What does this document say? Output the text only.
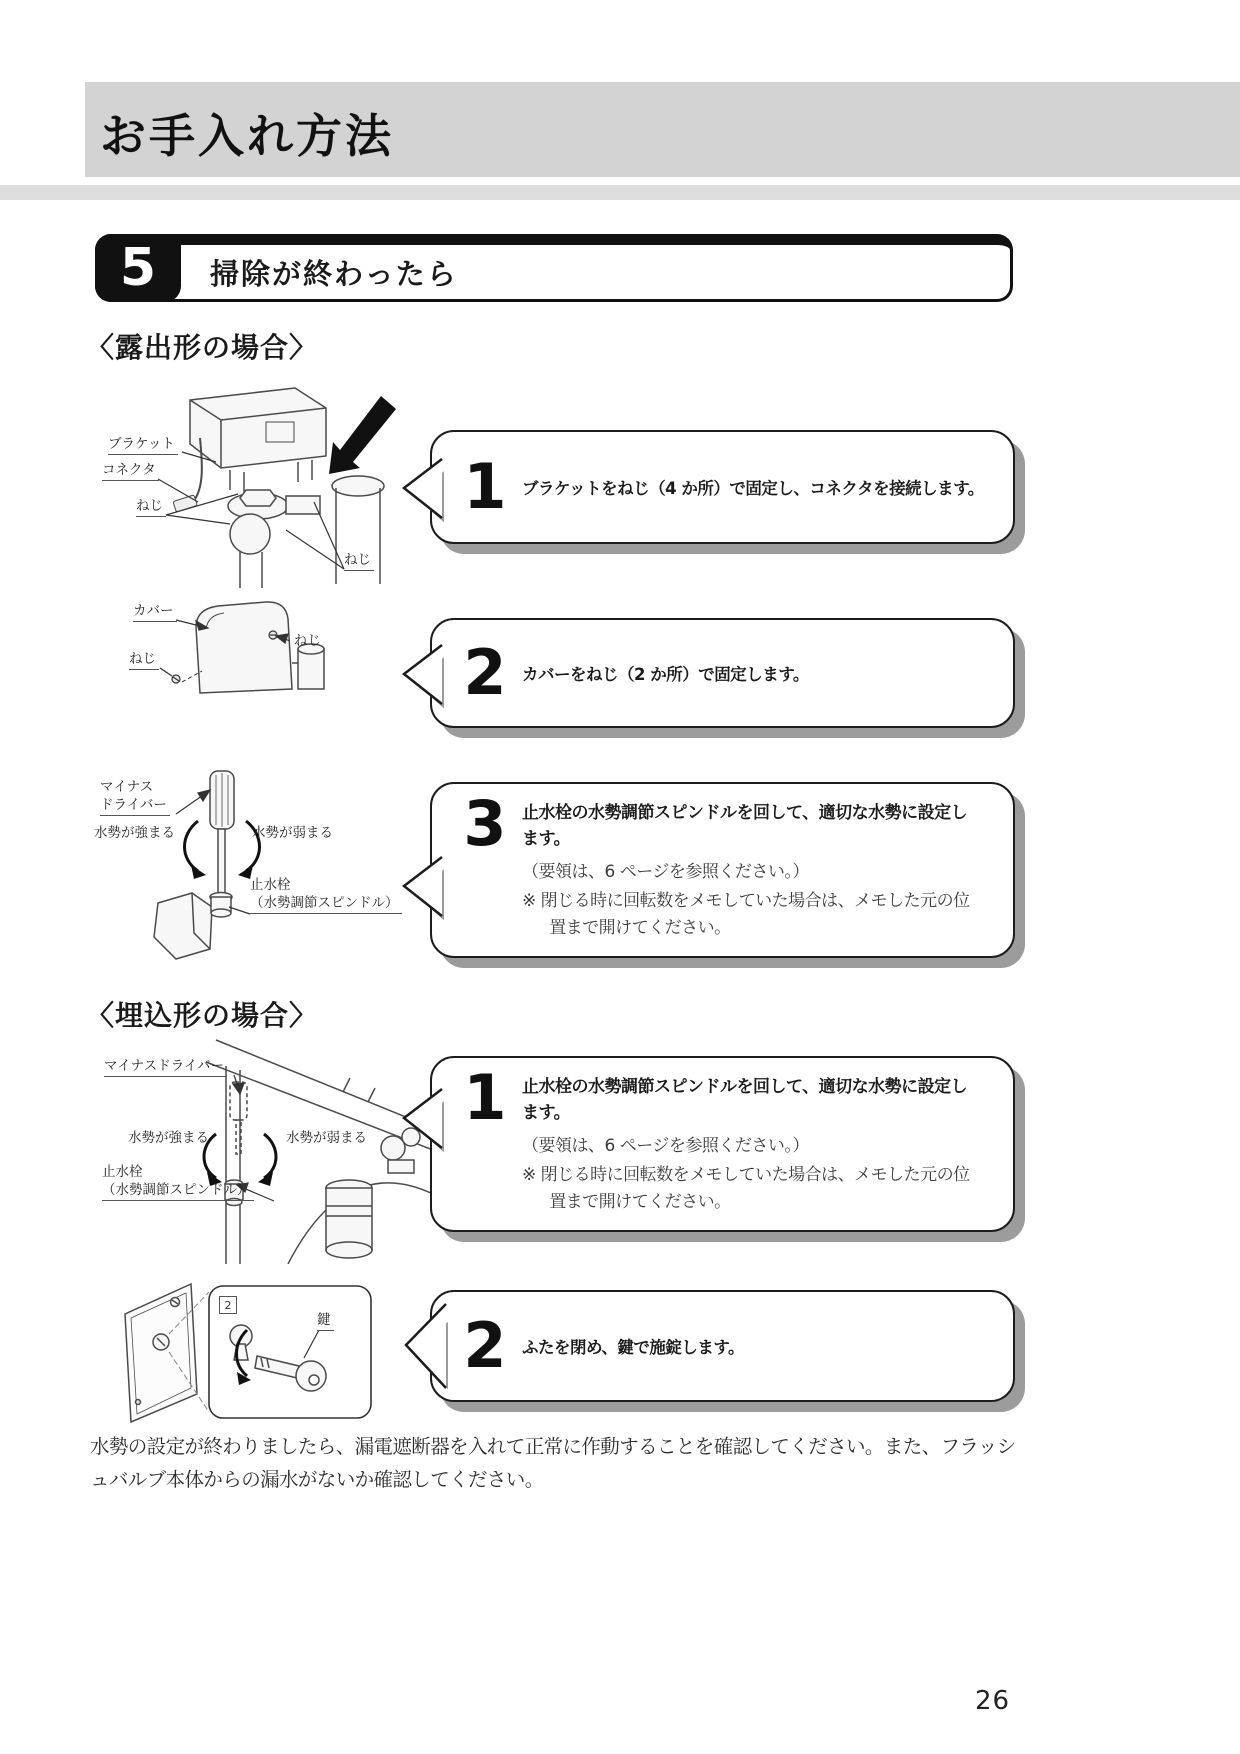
お手入れ方法
5	掃除が終わったら
〈露出形の場合〉
ブラケット
コネクタ
ねじ
ねじ
1 ブラケットをねじ（4 か所）で固定し、コネクタを接続します。
カバー
ねじ
ねじ	2 カバーをねじ（2 か所）で固定します。
マイナス
ドライバー
水勢が強まる	水勢が弱まる
止水栓
（水勢調節スピンドル）
3 止水栓の水勢調節スピンドルを回して、適切な水勢に設定します。

（要領は、6 ページを参照ください。）

※ 閉じる時に回転数をメモしていた場合は、メモした元の位置まで開けてください。

〈埋込形の場合〉
マイナスドライバー
水勢が強まる	水勢が弱まる
止水栓
（水勢調節スピンドル）
1 止水栓の水勢調節スピンドルを回して、適切な水勢に設定します。

（要領は、6 ページを参照ください。）

※ 閉じる時に回転数をメモしていた場合は、メモした元の位置まで開けてください。

2
鍵 2 ふたを閉め、鍵で施錠します。
水勢の設定が終わりましたら、漏電遮断器を入れて正常に作動することを確認してください。また、フラッシュバルブ本体からの漏水がないか確認してください。
26
